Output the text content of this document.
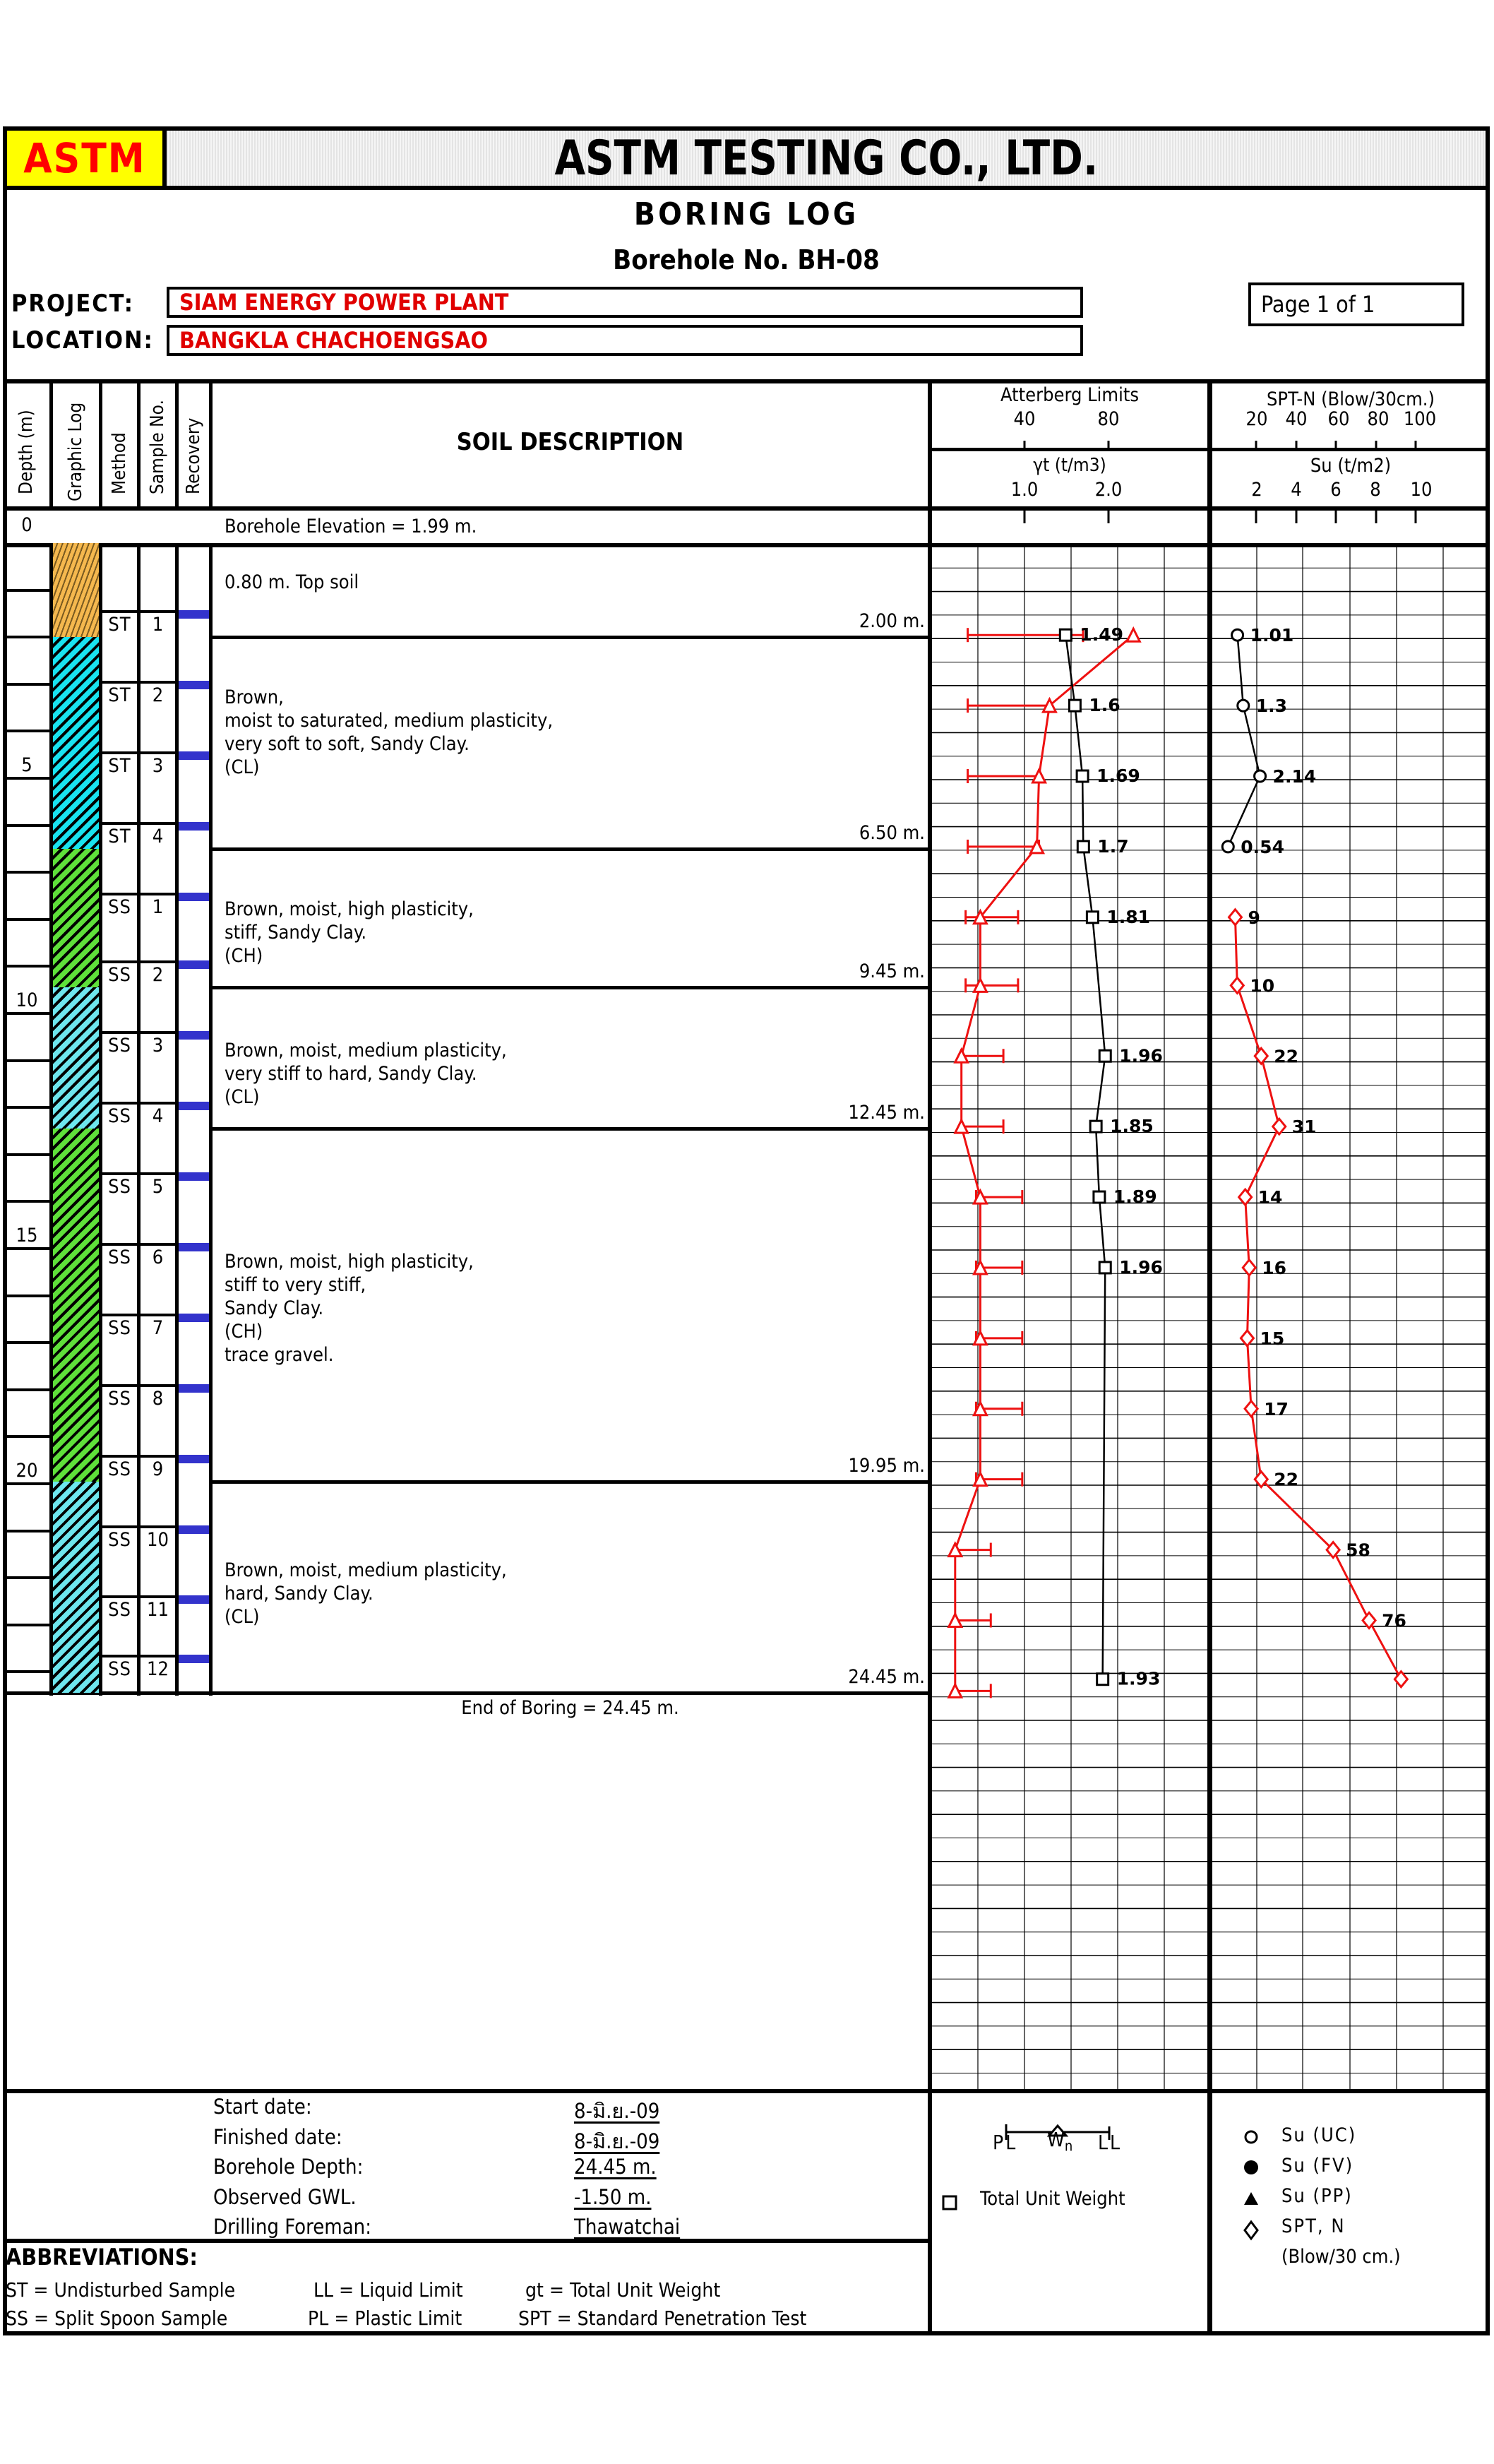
ASTM	ASTM TESTING CO., LTD.
BORING LOG
Borehole No. BH-08
PROJECT: SIAM ENERGY POWER PLANT
LOCATION: BANGKLA CHACHOENGSAO
Page 1 of 1
Depth (m) Graphic Log Method Sample No. Recovery	SOIL DESCRIPTION
Atterberg Limits
40	80
γt (t/m3)
1.0	2.0
SPT-N (Blow/30cm.)
20 40	60 80 100
Su (t/m2)
2	4	6	8	10
0	Borehole Elevation = 1.99 m.
5
10
15
20
0.80 m. Top soil
2.00 m.
Brown,
moist to saturated, medium plasticity,
very soft to soft, Sandy Clay.
(CL)
6.50 m.
Brown, moist, high plasticity,
stiff, Sandy Clay.
(CH)
9.45 m.
Brown, moist, medium plasticity,
very stiff to hard, Sandy Clay.
(CL)
12.45 m.
Brown, moist, high plasticity,
stiff to very stiff,
Sandy Clay.
(CH)
trace gravel.
19.95 m.
Brown, moist, medium plasticity,
hard, Sandy Clay.
(CL)
24.45 m.
ST	1
ST	2
ST	3
ST	4
SS	1
SS	2
SS	3
SS	4
SS	5
SS	6
SS	7
SS	8
SS	9
SS 10
SS 11
SS 12
1.49
1.6
1.69
1.7
1.81
1.96
1.85
1.89
1.96
1.93
1.01
1.3
2.14
0.54
9
10
22
31
14
16
15
17
22
58
76
End of Boring = 24.45 m.
Start date:	8-มิ.ย.-09
Finished date:	8-มิ.ย.-09
Borehole Depth:	24.45 m.
Observed GWL.	-1.50 m.
Drilling Foreman:	Thawatchai
ABBREVIATIONS:
ST = Undisturbed Sample	LL = Liquid Limit	gt = Total Unit Weight
SS = Split Spoon Sample	PL = Plastic Limit	SPT = Standard Penetration Test
PL $W_n$ LL
Total Unit Weight
Su (UC)
Su (FV)
Su (PP)
SPT, N
(Blow/30 cm.)
